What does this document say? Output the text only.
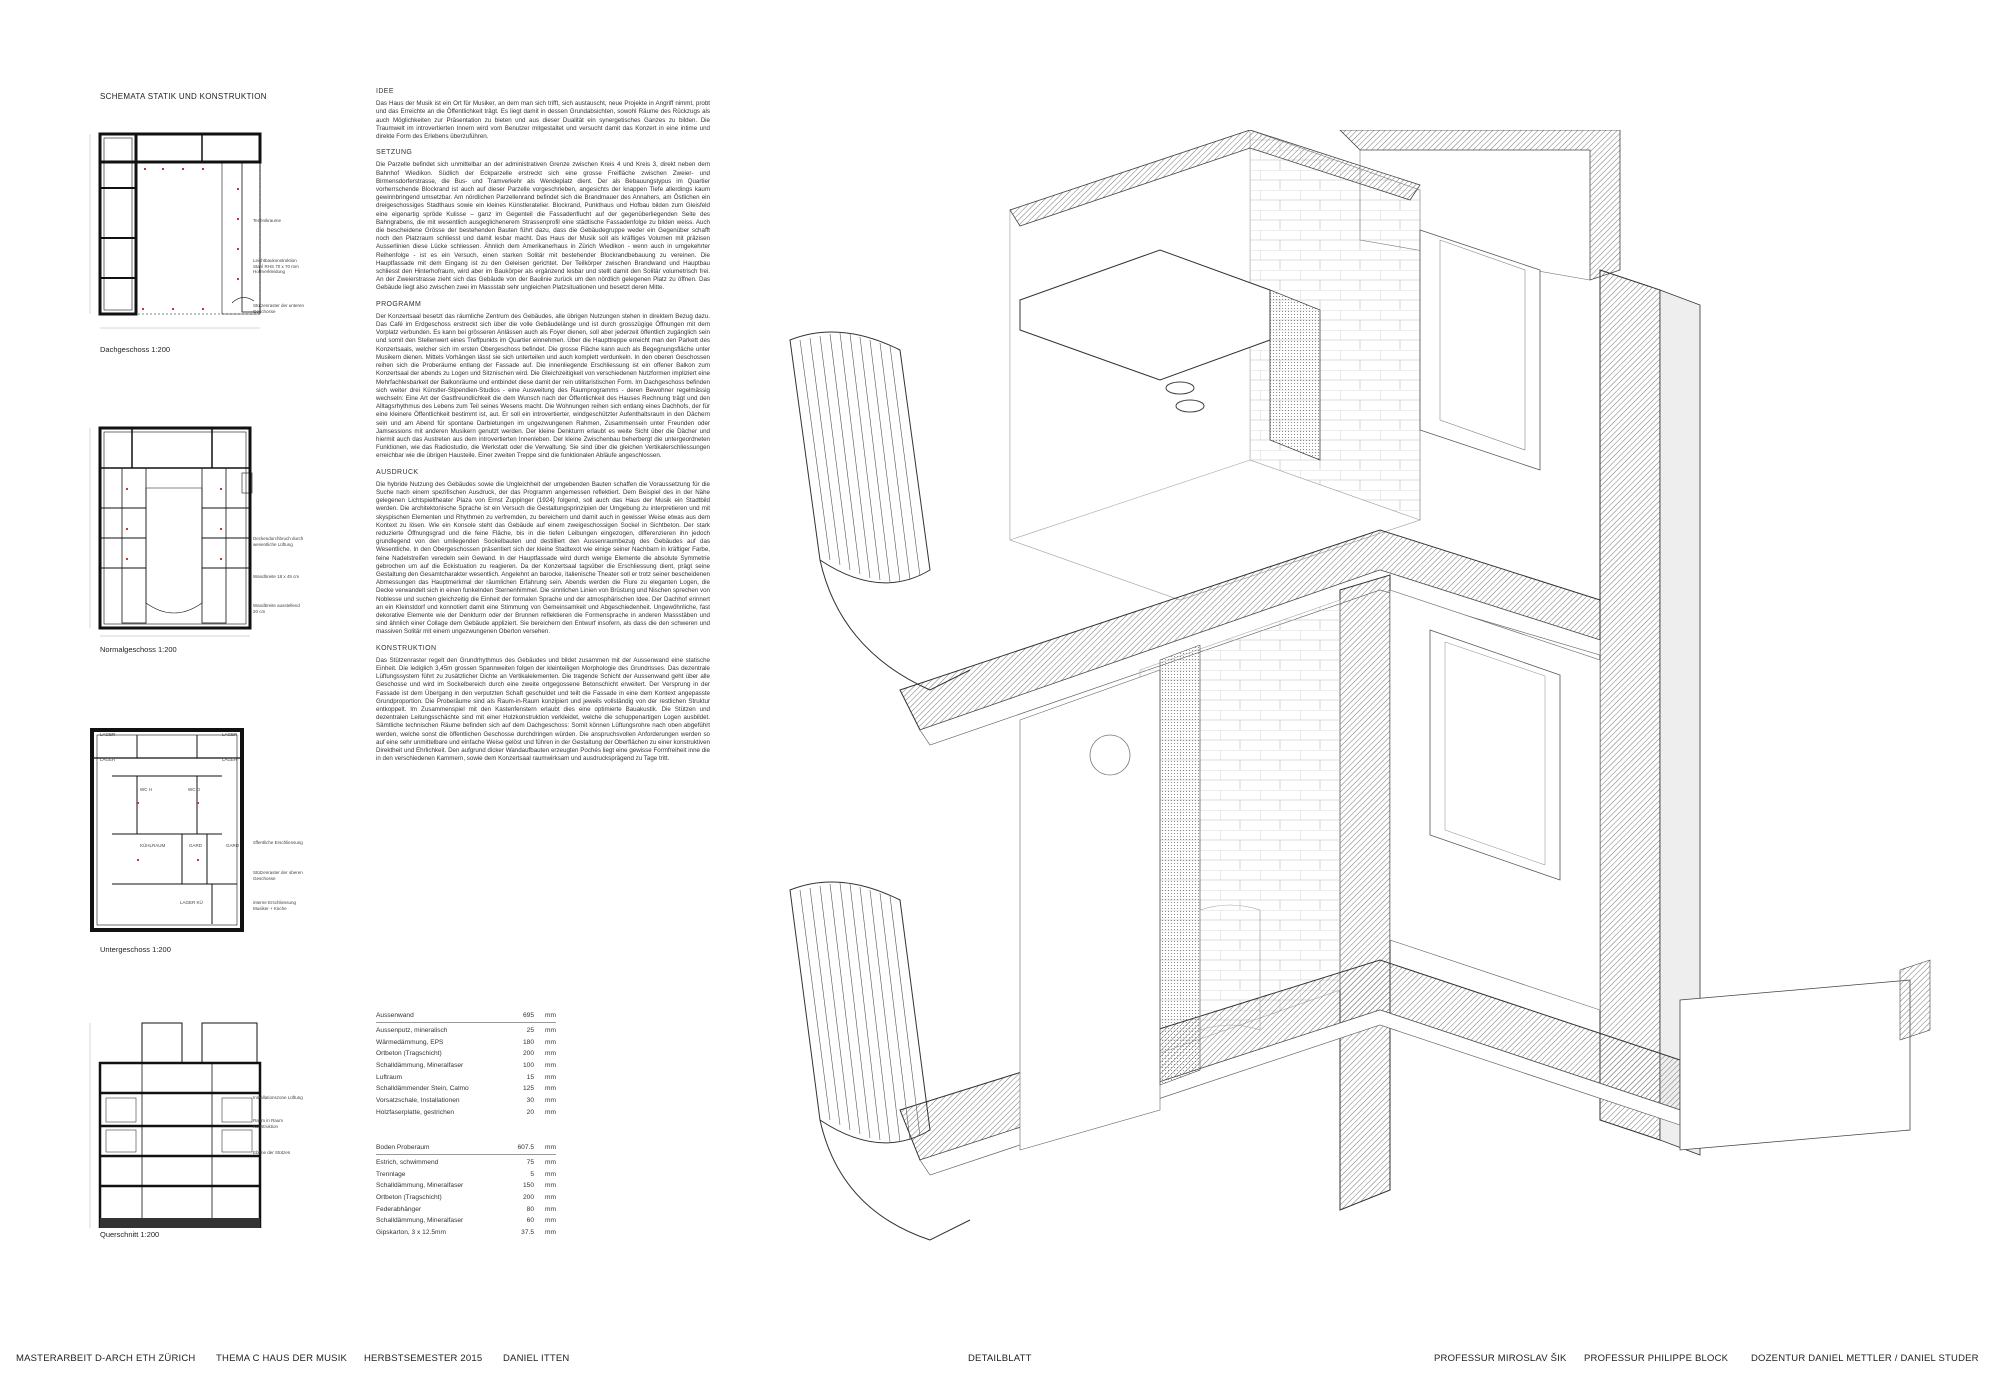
SCHEMATA STATIK UND KONSTRUKTION
Technikraume
Leichtbaukonstruktion Stahl RHS 70 x 70 mm Holzverkleidung
Stützenraster der unteren Geschosse
Dachgeschoss 1:200
Deckendurchbruch durch wesentliche Lüftung
Wandbreite 18 x 45 cm
Wandbreite ausstellend 20 cm
Normalgeschoss 1:200
LAGER	LAGER
LAGER	LAGER
WC H	WC D
KÜHLRAUM	GARD	GARD
LAGER KÜ
öffentliche Erschliessung
Stützenraster der oberen Geschosse
interne Erschliessung Musiker + Küche
Untergeschoss 1:200
Installationszone Lüftung
Raum in Raum Konstruktion
Ebene der Stützen
Querschnitt 1:200
IDEE

Das Haus der Musik ist ein Ort für Musiker, an dem man sich trifft, sich austauscht, neue Projekte in Angriff nimmt, probt und das Erreichte an die Öffentlichkeit trägt. Es liegt damit in dessen Grundabsichten, sowohl Räume des Rückzugs als auch Möglichkeiten zur Präsentation zu bieten und aus dieser Dualität ein synergetisches Ganzes zu bilden. Die Traumwelt im introvertierten Innern wird vom Benutzer mitgestaltet und versucht damit das Konzert in eine intime und direkte Form des Erlebens überzuführen.

SETZUNG

Die Parzelle befindet sich unmittelbar an der administrativen Grenze zwischen Kreis 4 und Kreis 3, direkt neben dem Bahnhof Wiedikon. Südlich der Eckparzelle erstreckt sich eine grosse Freifläche zwischen Zweier- und Birmensdorferstrasse, die Bus- und Tramverkehr als Wendeplatz dient. Der als Bebauungstypus im Quartier vorherrschende Blockrand ist auch auf dieser Parzelle vorgeschrieben, angesichts der knappen Tiefe allerdings kaum gewinnbringend umsetzbar. Am nördlichen Parzellenrand befindet sich die Brandmauer des Annahers, am Östlichen ein dreigeschossiges Stadthaus sowie ein kleines Künstleratelier. Blockrand, Punkthaus und Hofbau bilden zum Gleisfeld eine eigenartig spröde Kulisse – ganz im Gegenteil die Fassadenflucht auf der gegenüberliegenden Seite des Bahngrabens, die mit wesentlich ausgeglichenerem Strassenprofil eine städtische Fassadenfolge zu bilden weiss. Auch die bescheidene Grösse der bestehenden Bauten führt dazu, dass die Gebäudegruppe weder ein Gegenüber schafft noch den Platzraum schliesst und damit lesbar macht. Das Haus der Musik soll als kräftiges Volumen mit präzisen Ausserlinien diese Lücke schliessen. Ähnlich dem Amerikanerhaus in Zürich Wiedikon - wenn auch in umgekehrter Reihenfolge - ist es ein Versuch, einen starken Solitär mit bestehender Blockrandbebauung zu vereinen. Die Hauptfassade mit dem Eingang ist zu den Geleisen gerichtet. Der Teilkörper zwischen Brandwand und Hauptbau schliesst den Hinterhofraum, wird aber im Baukörper als ergänzend lesbar und stellt damit den Solitär volumetrisch frei. An der Zweierstrasse zieht sich das Gebäude von der Baulinie zurück um den nördlich gelegenen Platz zu öffnen. Das Gebäude liegt also zwischen zwei im Massstab sehr ungleichen Platzsituationen und besetzt deren Mitte.

PROGRAMM

Der Konzertsaal besetzt das räumliche Zentrum des Gebäudes, alle übrigen Nutzungen stehen in direktem Bezug dazu. Das Café im Erdgeschoss erstreckt sich über die volle Gebäudelänge und ist durch grosszügige Öffnungen mit dem Vorplatz verbunden. Es kann bei grösseren Anlässen auch als Foyer dienen, soll aber jederzeit öffentlich zugänglich sein und somit den Stellenwert eines Treffpunkts im Quartier einnehmen. Über die Haupttreppe erreicht man den Parkett des Konzertsaals, welcher sich im ersten Obergeschoss befindet. Die grosse Fläche kann auch als Begegnungsfläche unter Musikern dienen. Mittels Vorhängen lässt sie sich unterteilen und auch komplett verdunkeln. In den oberen Geschossen reihen sich die Proberäume entlang der Fassade auf. Die innenliegende Erschliessung ist ein offener Balkon zum Konzertsaal der abends zu Logen und Sitznischen wird. Die Gleichzeitigkeit von verschiedenen Nutzformen impliziert eine Mehrfachlesbarkeit der Balkonräume und entbindet diese damit der rein utilitaristischen Form. Im Dachgeschoss befinden sich weiter drei Künstler-Stipendien-Studios - eine Ausweitung des Raumprogramms - deren Bewohner regelmässig wechseln: Eine Art der Gastfreundlichkeit die dem Wunsch nach der Öffentlichkeit des Hauses Rechnung trägt und den Alltagsrhythmus des Lebens zum Teil seines Wesens macht. Die Wohnungen reihen sich entlang eines Dachhofs, der für eine kleinere Öffentlichkeit bestimmt ist, aut. Er soll ein introvertierter, windgeschützter Aufenthaltsraum in den Dächern sein und am Abend für spontane Darbietungen im ungezwungenen Rahmen, Zusammensein unter Freunden oder Jamsessions mit anderen Musikern genutzt werden. Der kleine Denkturm erlaubt es weite Sicht über die Dächer und hiermit auch das Austreten aus dem introvertierten Innenleben. Der kleine Zwischenbau beherbergt die untergeordneten Funktionen, wie das Radiostudio, die Werkstatt oder die Verwaltung. Sie sind über die gleichen Vertikalerschliessungen erreichbar wie die übrigen Hausteile. Einer zweiten Treppe sind die funktionalen Abläufe angeschlossen.

AUSDRUCK

Die hybride Nutzung des Gebäudes sowie die Ungleichheit der umgebenden Bauten schaffen die Voraussetzung für die Suche nach einem spezifischen Ausdruck, der das Programm angemessen reflektiert. Dem Beispiel des in der Nähe gelegenen Lichtspieltheater Plaza von Ernst Zuppinger (1924) folgend, soll auch das Haus der Musik ein Stadtbild werden. Die architektonische Sprache ist ein Versuch die Gestaltungsprinzipien der Umgebung zu interpretieren und mit skyspischen Elementen und Rhythmen zu verfremden, zu bereichern und damit auch in gewisser Weise etwas aus dem Kontext zu lösen. Wie ein Konsole steht das Gebäude auf einem zweigeschossigen Sockel in Sichtbeton. Der stark reduzierte Öffnungsgrad und die feine Fläche, bis in die tiefen Leibungen eingezogen, differenzieren ihn jedoch grundlegend von den umliegenden Sockelbauten und destilliert den Aussenraumbezug des Gebäudes auf das Wesentliche. In den Obergeschossen präsentiert sich der kleine Stadtexot wie einige seiner Nachbarn in kräftiger Farbe, feine Nadelstreifen veredeln sein Gewand. In der Hauptfassade wird durch wenige Elemente die absolute Symmetrie gebrochen um auf die Eckistuation zu reagieren. Da der Konzertsaal tagsüber die Erschliessung dient, prägt seine Gestaltung den Gesamtcharakter wesentlich. Angelehnt an barocke, italienische Theater soll er trotz seiner bescheidenen Abmessungen das Hauptmerkmal der räumlichen Erfahrung sein. Abends werden die Flure zu eleganten Logen, die Decke verwandelt sich in einen funkelnden Sternenhimmel. Die sinnlichen Linien von Brüstung und Nischen sprechen von Noblesse und suchen gleichzeitig die Einheit der formalen Sprache und der atmosphärischen Idee. Der Dachhof erinnert an ein Kleinstdorf und konnotiert damit eine Stimmung von Gemeinsamkeit und Abgeschiedenheit. Ungewöhnliche, fast dekorative Elemente wie der Denkturm oder der Brunnen reflektieren die Formensprache in anderen Massstäben und sind ähnlich einer Collage dem Gebäude appliziert. Sie bereichern den Entwurf insofern, als dass die den schweren und massiven Solitär mit einem ungezwungenen Oberton versehen.

KONSTRUKTION

Das Stützenraster regelt den Grundrhythmus des Gebäudes und bildet zusammen mit der Aussenwand eine statische Einheit. Die lediglich 3,45m grossen Spannweiten folgen der kleinteiligen Morphologie des Grundrisses. Das dezentrale Lüftungssystem führt zu zusätzlicher Dichte an Vertikalelementen. Die tragende Schicht der Aussenwand geht über alle Geschosse und wird im Sockelbereich durch eine zweite ortgegossene Betonschicht erweitert. Der Versprung in der Fassade ist dem Übergang in den verputzten Schaft geschuldet und teilt die Fassade in eine dem Kontext angepasste Grundproportion. Die Proberäume sind als Raum-in-Raum konzipiert und jeweils vollständig von der restlichen Struktur entkoppelt. Im Zusammenspiel mit den Kastenfenstern erlaubt dies eine optimierte Bauakustik. Die Stützen und dezentralen Leitungsschächte sind mit einer Holzkonstruktion verkleidet, welche die schuppenartigen Logen ausbildet. Sämtliche technischen Räume befinden sich auf dem Dachgeschoss: Somit können Lüftungsrohre nach oben abgeführt werden, welche sonst die öffentlichen Geschosse durchdringen würden. Die anspruchsvollen Anforderungen werden so auf eine sehr unmittelbare und einfache Weise gelöst und führen in der Gestaltung der Oberflächen zu einer konstruktiven Direktheit und Ehrlichkeit. Den aufgrund dicker Wandaufbauten erzeugten Pochés liegt eine gewisse Formfreiheit inne die in den verschiedenen Kammern, sowie dem Konzertsaal raumwirksam und ausdrucksprägend zu Tage tritt.

Aussenwand	695	mm
Aussenputz, mineralisch	25	mm
Wärmedämmung, EPS	180	mm
Ortbeton (Tragschicht)	200	mm
Schalldämmung, Mineralfaser	100	mm
Luftraum	15	mm
Schalldämmender Stein, Calmo	125	mm
Vorsatzschale, Installationen	30	mm
Holzfaserplatte, gestrichen	20	mm
Boden Proberaum	607.5	mm
Estrich, schwimmend	75	mm
Trennlage	5	mm
Schalldämmung, Mineralfaser	150	mm
Ortbeton (Tragschicht)	200	mm
Federabhänger	80	mm
Schalldämmung, Mineralfaser	60	mm
Gipskarton, 3 x 12.5mm	37.5	mm
MASTERARBEIT D-ARCH ETH ZÜRICH THEMA C HAUS DER MUSIK HERBSTSEMESTER 2015 DANIEL ITTEN	DETAILBLATT	PROFESSUR MIROSLAV ŠIK PROFESSUR PHILIPPE BLOCK DOZENTUR DANIEL METTLER / DANIEL STUDER
